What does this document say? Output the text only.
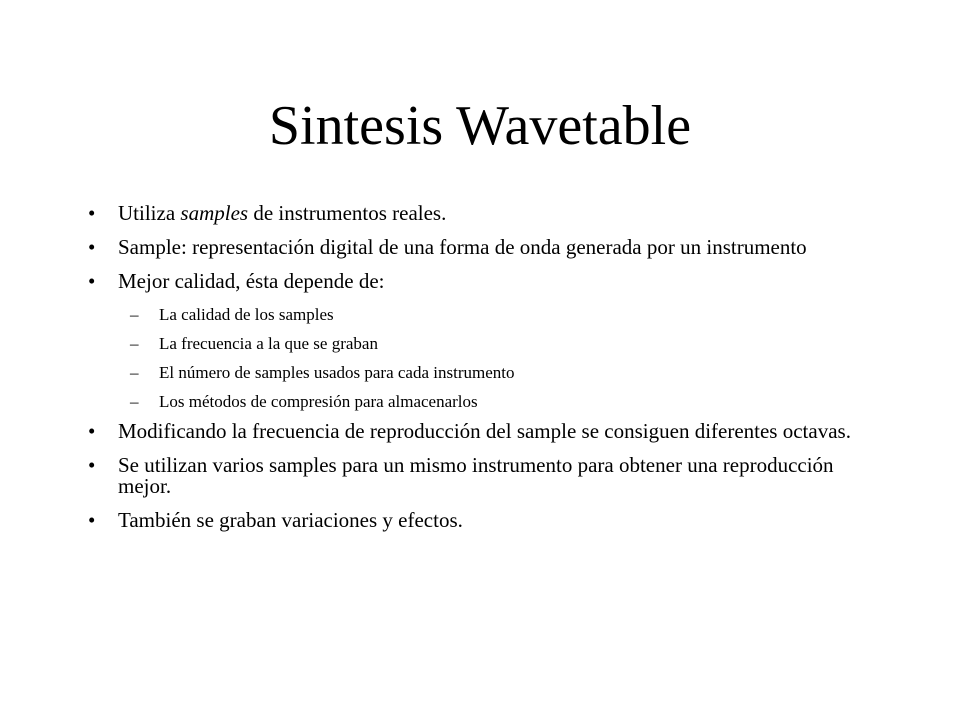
Sintesis Wavetable
• Utiliza samples de instrumentos reales.
• Sample: representación digital de una forma de onda generada por un instrumento
• Mejor calidad, ésta depende de:
– La calidad de los samples
– La frecuencia a la que se graban
– El número de samples usados para cada instrumento
– Los métodos de compresión para almacenarlos
• Modificando la frecuencia de reproducción del sample se consiguen diferentes octavas.
• Se utilizan varios samples para un mismo instrumento para obtener una reproducción mejor.
• También se graban variaciones y efectos.
